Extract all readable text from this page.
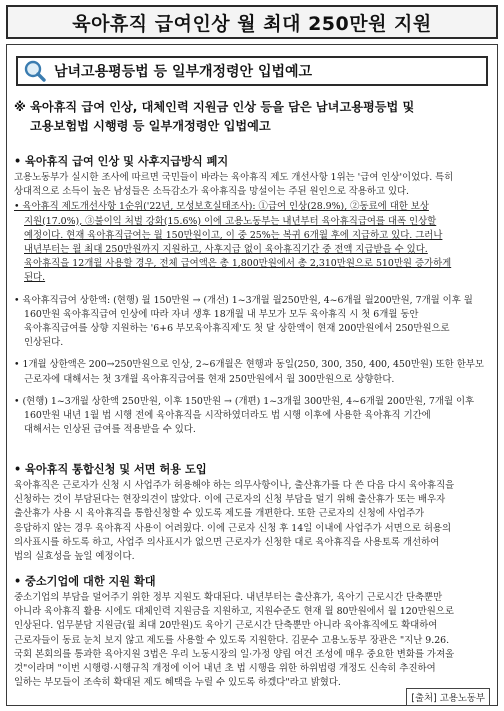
육아휴직 급여인상 월 최대 250만원 지원
남녀고용평등법 등 일부개정령안 입법예고
※ 육아휴직 급여 인상, 대체인력 지원금 인상 등을 담은 남녀고용평등법 및
고용보험법 시행령 등 일부개정령안 입법예고
• 육아휴직 급여 인상 및 사후지급방식 폐지
고용노동부가 실시한 조사에 따르면 국민들이 바라는 육아휴직 제도 개선사항 1위는 '급여 인상'이었다. 특히
상대적으로 소득이 높은 남성들은 소득감소가 육아휴직을 망설이는 주된 원인으로 작용하고 있다.
• 육아휴직 제도개선사항 1순위('22년, 모성보호실태조사): ①급여 인상(28.9%), ②동료에 대한 보상
지원(17.0%), ③불이익 처벌 강화(15.6%) 이에 고용노동부는 내년부터 육아휴직급여를 대폭 인상할
예정이다. 현재 육아휴직급여는 월 150만원이고, 이 중 25%는 복귀 6개월 후에 지급하고 있다. 그러나
내년부터는 월 최대 250만원까지 지원하고, 사후지급 없이 육아휴직기간 중 전액 지급받을 수 있다.
육아휴직을 12개월 사용할 경우, 전체 급여액은 총 1,800만원에서 총 2,310만원으로 510만원 증가하게
된다.
• 육아휴직급여 상한액: (현행) 월 150만원 → (개선) 1~3개월 월250만원, 4~6개월 월200만원, 7개월 이후 월
160만원 육아휴직급여 인상에 따라 자녀 생후 18개월 내 부모가 모두 육아휴직 시 첫 6개월 동안
육아휴직급여를 상향 지원하는 '6+6 부모육아휴직제'도 첫 달 상한액이 현재 200만원에서 250만원으로
인상된다.
• 1개월 상한액은 200→250만원으로 인상, 2~6개월은 현행과 동일(250, 300, 350, 400, 450만원) 또한 한부모
근로자에 대해서는 첫 3개월 육아휴직급여를 현재 250만원에서 월 300만원으로 상향한다.
• (현행) 1~3개월 상한액 250만원, 이후 150만원 → (개편) 1~3개월 300만원, 4~6개월 200만원, 7개월 이후
160만원 내년 1월 법 시행 전에 육아휴직을 시작하였더라도 법 시행 이후에 사용한 육아휴직 기간에
대해서는 인상된 급여를 적용받을 수 있다.
• 육아휴직 통합신청 및 서면 허용 도입
육아휴직은 근로자가 신청 시 사업주가 허용해야 하는 의무사항이나, 출산휴가를 다 쓴 다음 다시 육아휴직을
신청하는 것이 부담된다는 현장의견이 많았다. 이에 근로자의 신청 부담을 덜기 위해 출산휴가 또는 배우자
출산휴가 사용 시 육아휴직을 통합신청할 수 있도록 제도를 개편한다. 또한 근로자의 신청에 사업주가
응답하지 않는 경우 육아휴직 사용이 어려웠다. 이에 근로자 신청 후 14일 이내에 사업주가 서면으로 허용의
의사표시를 하도록 하고, 사업주 의사표시가 없으면 근로자가 신청한 대로 육아휴직을 사용토록 개선하여
법의 실효성을 높일 예정이다.
• 중소기업에 대한 지원 확대
중소기업의 부담을 덜어주기 위한 정부 지원도 확대된다. 내년부터는 출산휴가, 육아기 근로시간 단축뿐만
아니라 육아휴직 활용 시에도 대체인력 지원금을 지원하고, 지원수준도 현재 월 80만원에서 월 120만원으로
인상된다. 업무분담 지원금(월 최대 20만원)도 육아기 근로시간 단축뿐만 아니라 육아휴직에도 확대하여
근로자들이 동료 눈치 보지 않고 제도를 사용할 수 있도록 지원한다. 김문수 고용노동부 장관은 "지난 9.26.
국회 본회의를 통과한 육아지원 3법은 우리 노동시장의 일·가정 양립 여건 조성에 매우 중요한 변화를 가져올
것"이라며 "이번 시행령·시행규칙 개정에 이어 내년 초 법 시행을 위한 하위법령 개정도 신속히 추진하여
일하는 부모들이 조속히 확대된 제도 혜택을 누릴 수 있도록 하겠다"라고 밝혔다.
[출처] 고용노동부
